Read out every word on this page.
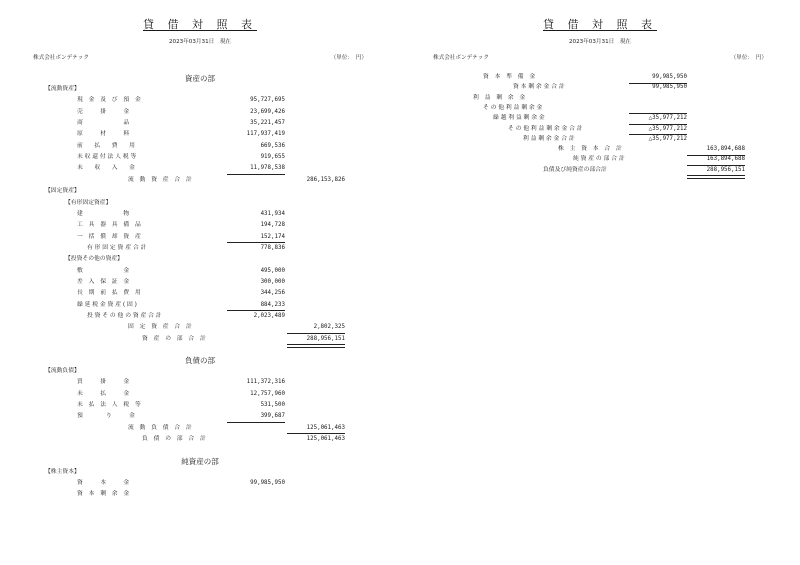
貸 借 対 照 表
2023年03月31日　現在
株式会社ボンデテック	（単位：　円）
資産の部
【流動資産】
現　金　及　び　預　金	95,727,695
売　　　掛　　　金	23,699,426
商　　　　　　　品	35,221,457
原　　　材　　　料	117,937,419
前　　払　　費　　用	669,536
未 収 還 付 法 人 税 等	919,655
未　　収　　入　　金	11,978,538
流　動　資　産　合　計	286,153,826
【固定資産】
【有形固定資産】
建　　　　　　　物	431,934
工　具　器　具　備　品	194,728
一　括　償　却　資　産	152,174
有 形 固 定 資 産 合 計	778,836
【投資その他の資産】
敷　　　　　　　金	495,000
差　入　保　証　金	300,000
長　期　前　払　費　用	344,256
繰 延 税 金 資 産 ( 固 )	884,233
投 資 そ の 他 の 資 産 合 計	2,023,489
固　定　資　産　合　計	2,802,325
資　産　の　部　合　計	288,956,151
負債の部
【流動負債】
買　　　掛　　　金	111,372,316
未　　　払　　　金	12,757,960
未　払　法　人　税　等	531,500
預　　　　り　　　金	399,687
流　動　負　債　合　計	125,061,463
負　債　の　部　合　計	125,061,463
純資産の部
【株主資本】
資　　　本　　　金	99,985,950
資　本　剰　余　金
貸 借 対 照 表
2023年03月31日　現在
株式会社ボンデテック	（単位：　円）
資　本　準　備　金	99,985,950
資 本 剰 余 金 合 計	99,985,950
利　益　剰　余　金
そ の 他 利 益 剰 余 金
繰 越 利 益 剰 余 金	△35,977,212
そ の 他 利 益 剰 余 金 合 計	△35,977,212
利 益 剰 余 金 合 計	△35,977,212
株　主　資　本　合　計	163,894,688
純 資 産 の 部 合 計	163,894,688
負債及び純資産の部合計	288,956,151
